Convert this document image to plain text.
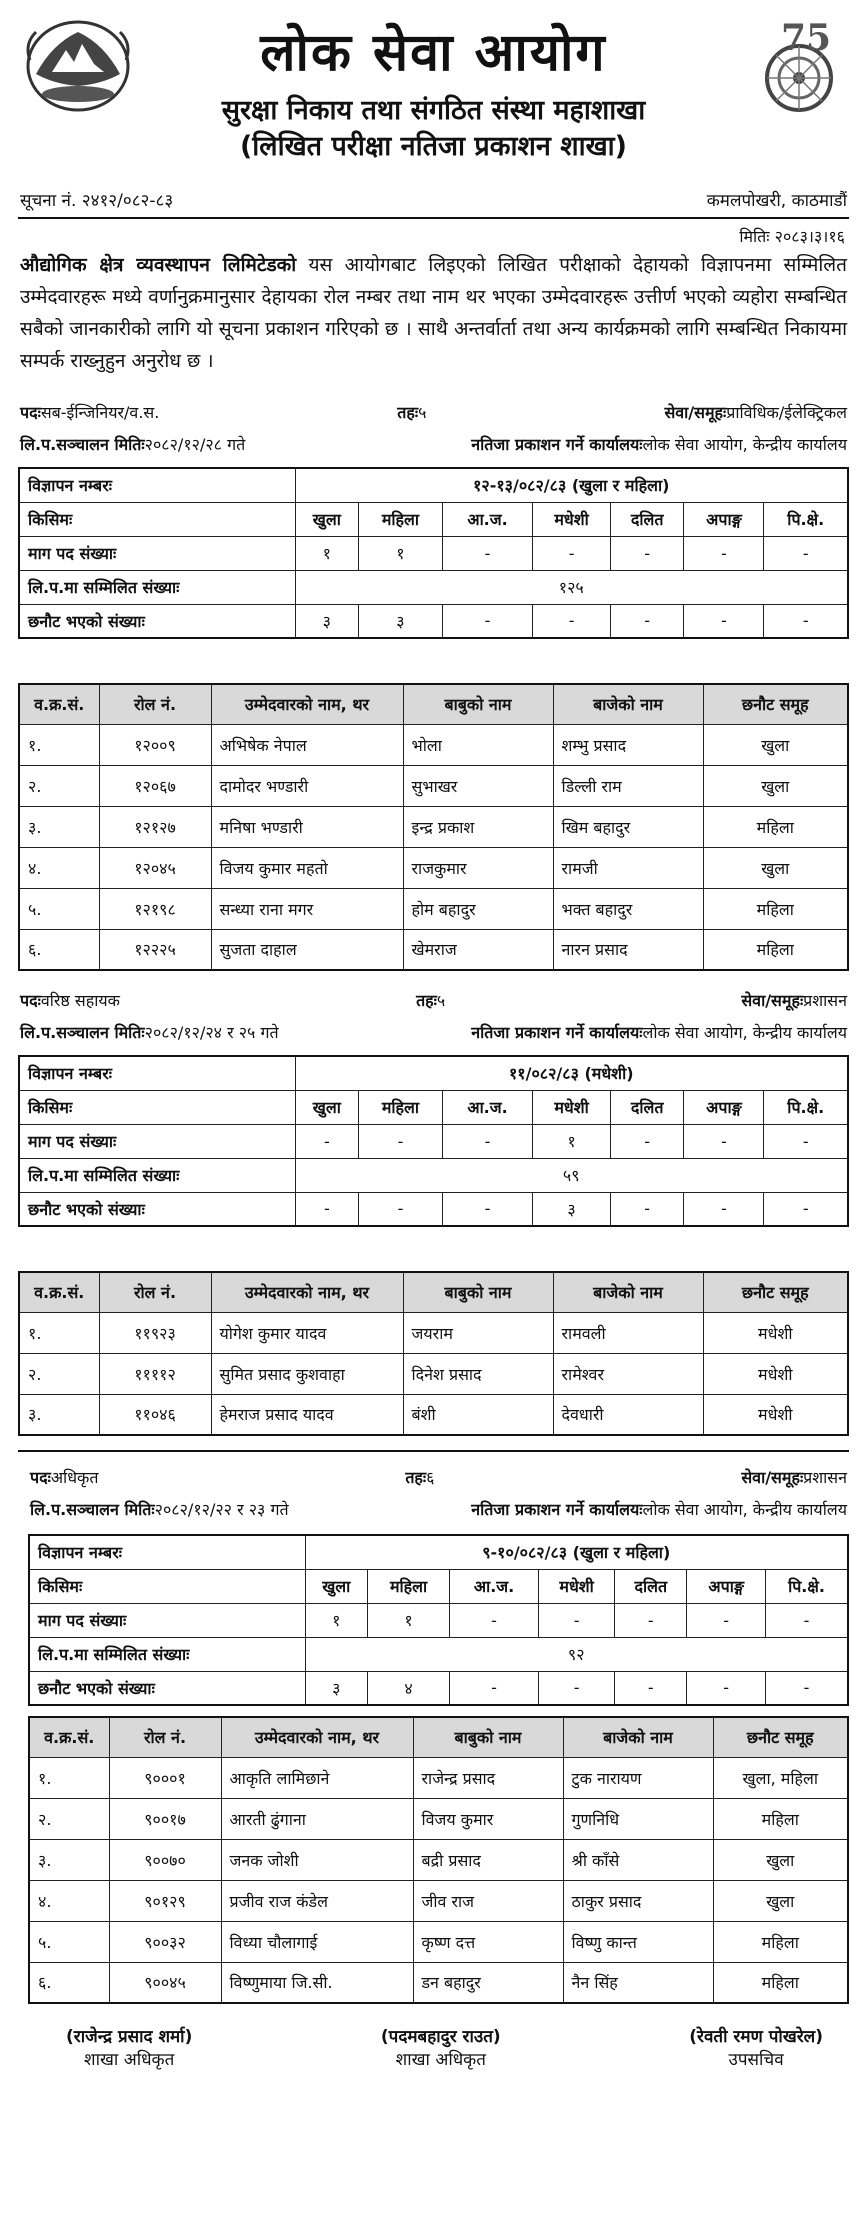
लोक सेवा आयोग
सुरक्षा निकाय तथा संगठित संस्था महाशाखा
(लिखित परीक्षा नतिजा प्रकाशन शाखा)
75
सूचना नं. २४१२/०८२-८३	कमलपोखरी, काठमाडौं
मितिः २०८३।३।१६

औद्योगिक क्षेत्र व्यवस्थापन लिमिटेडको यस आयोगबाट लिइएको लिखित परीक्षाको देहायको विज्ञापनमा सम्मिलित उम्मेदवारहरू मध्ये वर्णानुक्रमानुसार देहायका रोल नम्बर तथा नाम थर भएका उम्मेदवारहरू उत्तीर्ण भएको व्यहोरा सम्बन्धित सबैको जानकारीको लागि यो सूचना प्रकाशन गरिएको छ । साथै अन्तर्वार्ता तथा अन्य कार्यक्रमको लागि सम्बन्धित निकायमा सम्पर्क राख्नुहुन अनुरोध छ ।

पदःसब-ईन्जिनियर/व.स.	तहः५	सेवा/समूहःप्राविधिक/ईलेक्ट्रिकल
लि.प.सञ्चालन मितिः२०८२/१२/२८ गते	नतिजा प्रकाशन गर्ने कार्यालयःलोक सेवा आयोग, केन्द्रीय कार्यालय
विज्ञापन नम्बरः	१२-१३/०८२/८३ (खुला र महिला)						
किसिमः	खुला	महिला	आ.ज.	मधेशी	दलित	अपाङ्ग	पि.क्षे.
माग पद संख्याः	१	१	-	-	-	-	-
लि.प.मा सम्मिलित संख्याः	१२५						
छनौट भएको संख्याः	३	३	-	-	-	-	-
व.क्र.सं.	रोल नं.	उम्मेदवारको नाम, थर	बाबुको नाम	बाजेको नाम	छनौट समूह
१.	१२००९	अभिषेक नेपाल	भोला	शम्भु प्रसाद	खुला
२.	१२०६७	दामोदर भण्डारी	सुभाखर	डिल्ली राम	खुला
३.	१२१२७	मनिषा भण्डारी	इन्द्र प्रकाश	खिम बहादुर	महिला
४.	१२०४५	विजय कुमार महतो	राजकुमार	रामजी	खुला
५.	१२१९८	सन्ध्या राना मगर	होम बहादुर	भक्त बहादुर	महिला
६.	१२२२५	सुजता दाहाल	खेमराज	नारन प्रसाद	महिला
पदःवरिष्ठ सहायक	तहः५	सेवा/समूहःप्रशासन
लि.प.सञ्चालन मितिः२०८२/१२/२४ र २५ गते	नतिजा प्रकाशन गर्ने कार्यालयःलोक सेवा आयोग, केन्द्रीय कार्यालय
विज्ञापन नम्बरः	११/०८२/८३ (मधेशी)						
किसिमः	खुला	महिला	आ.ज.	मधेशी	दलित	अपाङ्ग	पि.क्षे.
माग पद संख्याः	-	-	-	१	-	-	-
लि.प.मा सम्मिलित संख्याः	५९						
छनौट भएको संख्याः	-	-	-	३	-	-	-
व.क्र.सं.	रोल नं.	उम्मेदवारको नाम, थर	बाबुको नाम	बाजेको नाम	छनौट समूह
१.	११९२३	योगेश कुमार यादव	जयराम	रामवली	मधेशी
२.	११११२	सुमित प्रसाद कुशवाहा	दिनेश प्रसाद	रामेश्वर	मधेशी
३.	११०४६	हेमराज प्रसाद यादव	बंशी	देवधारी	मधेशी
पदःअधिकृत	तहः६	सेवा/समूहःप्रशासन
लि.प.सञ्चालन मितिः२०८२/१२/२२ र २३ गते	नतिजा प्रकाशन गर्ने कार्यालयःलोक सेवा आयोग, केन्द्रीय कार्यालय
विज्ञापन नम्बरः	९-१०/०८२/८३ (खुला र महिला)						
किसिमः	खुला	महिला	आ.ज.	मधेशी	दलित	अपाङ्ग	पि.क्षे.
माग पद संख्याः	१	१	-	-	-	-	-
लि.प.मा सम्मिलित संख्याः	९२						
छनौट भएको संख्याः	३	४	-	-	-	-	-
व.क्र.सं.	रोल नं.	उम्मेदवारको नाम, थर	बाबुको नाम	बाजेको नाम	छनौट समूह
१.	९०००१	आकृति लामिछाने	राजेन्द्र प्रसाद	टुक नारायण	खुला, महिला
२.	९००१७	आरती ढुंगाना	विजय कुमार	गुणनिधि	महिला
३.	९००७०	जनक जोशी	बद्री प्रसाद	श्री काँसे	खुला
४.	९०१२९	प्रजीव राज कंडेल	जीव राज	ठाकुर प्रसाद	खुला
५.	९००३२	विध्या चौलागाई	कृष्ण दत्त	विष्णु कान्त	महिला
६.	९००४५	विष्णुमाया जि.सी.	डन बहादुर	नैन सिंह	महिला
(राजेन्द्र प्रसाद शर्मा)
शाखा अधिकृत
(पदमबहादुर राउत)
शाखा अधिकृत
(रेवती रमण पोखरेल)
उपसचिव
